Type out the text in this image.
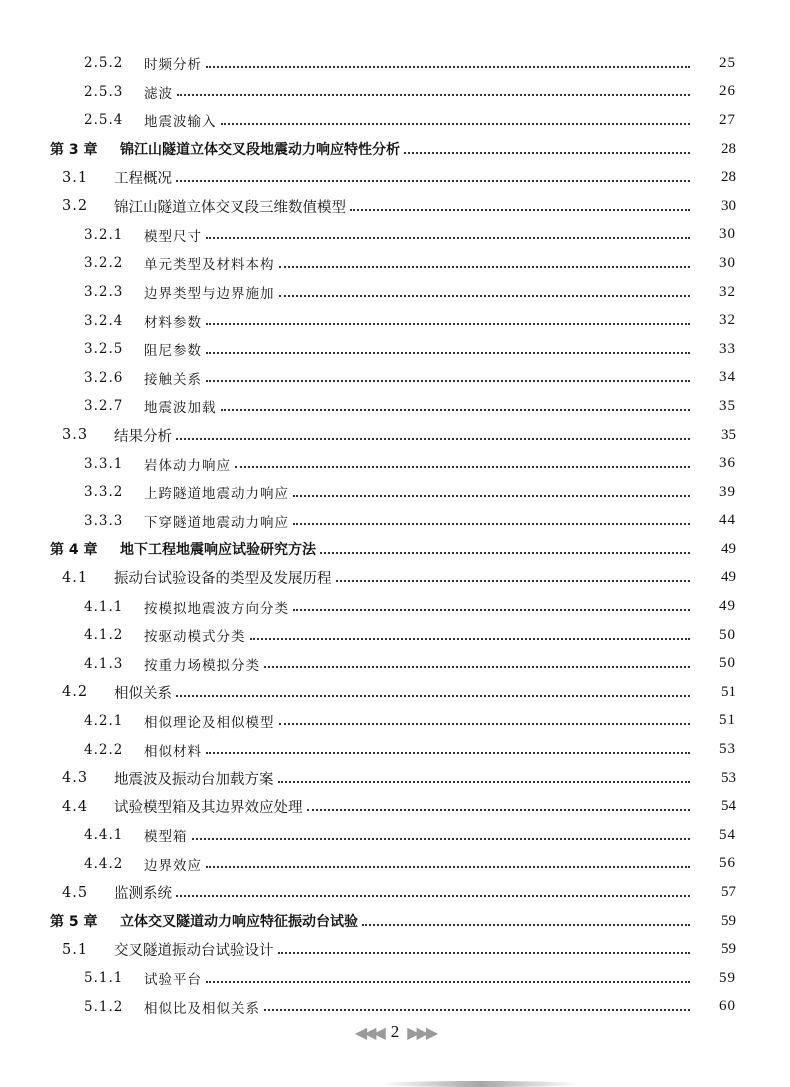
2.5.2	时频分析	25
2.5.3	滤波	26
2.5.4	地震波输入	27
第 3 章	锦江山隧道立体交叉段地震动力响应特性分析	28
3.1	工程概况	28
3.2	锦江山隧道立体交叉段三维数值模型	30
3.2.1	模型尺寸	30
3.2.2	单元类型及材料本构	30
3.2.3	边界类型与边界施加	32
3.2.4	材料参数	32
3.2.5	阻尼参数	33
3.2.6	接触关系	34
3.2.7	地震波加载	35
3.3	结果分析	35
3.3.1	岩体动力响应	36
3.3.2	上跨隧道地震动力响应	39
3.3.3	下穿隧道地震动力响应	44
第 4 章	地下工程地震响应试验研究方法	49
4.1	振动台试验设备的类型及发展历程	49
4.1.1	按模拟地震波方向分类	49
4.1.2	按驱动模式分类	50
4.1.3	按重力场模拟分类	50
4.2	相似关系	51
4.2.1	相似理论及相似模型	51
4.2.2	相似材料	53
4.3	地震波及振动台加载方案	53
4.4	试验模型箱及其边界效应处理	54
4.4.1	模型箱	54
4.4.2	边界效应	56
4.5	监测系统	57
第 5 章	立体交叉隧道动力响应特征振动台试验	59
5.1	交叉隧道振动台试验设计	59
5.1.1	试验平台	59
5.1.2	相似比及相似关系	60
◀◀◀ 2 ▶▶▶
